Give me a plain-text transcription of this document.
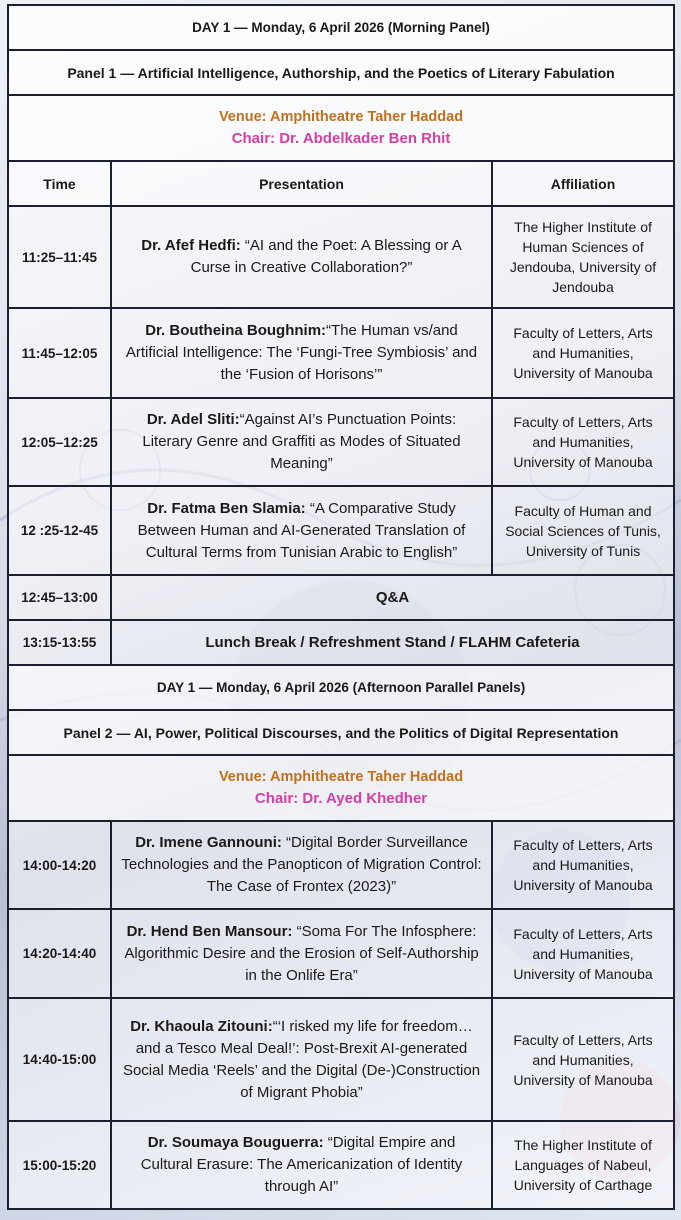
DAY 1 — Monday, 6 April 2026 (Morning Panel)		
Panel 1 — Artificial Intelligence, Authorship, and the Poetics of Literary Fabulation		

Venue: Amphitheatre Taher Haddad
Chair: Dr. Abdelkader Ben Rhit		

Time	Presentation	Affiliation
11:25–11:45	Dr. Afef Hedfi: “AI and the Poet: A Blessing or A Curse in Creative Collaboration?”	The Higher Institute of Human Sciences of Jendouba, University of Jendouba
11:45–12:05	Dr. Boutheina Boughnim:“The Human vs/and Artificial Intelligence: The ‘Fungi-Tree Symbiosis’ and the ‘Fusion of Horisons’”	Faculty of Letters, Arts and Humanities, University of Manouba
12:05–12:25	Dr. Adel Sliti:“Against AI’s Punctuation Points: Literary Genre and Graffiti as Modes of Situated Meaning”	Faculty of Letters, Arts and Humanities, University of Manouba
12 :25-12-45	Dr. Fatma Ben Slamia: “A Comparative Study Between Human and AI-Generated Translation of Cultural Terms from Tunisian Arabic to English”	Faculty of Human and Social Sciences of Tunis, University of Tunis
12:45–13:00	Q&A	
13:15-13:55	Lunch Break / Refreshment Stand / FLAHM Cafeteria	
DAY 1 — Monday, 6 April 2026 (Afternoon Parallel Panels)		
Panel 2 — AI, Power, Political Discourses, and the Politics of Digital Representation		

Venue: Amphitheatre Taher Haddad
Chair: Dr. Ayed Khedher		

14:00-14:20	Dr. Imene Gannouni: “Digital Border Surveillance Technologies and the Panopticon of Migration Control: The Case of Frontex (2023)”	Faculty of Letters, Arts and Humanities, University of Manouba
14:20-14:40	Dr. Hend Ben Mansour: “Soma For The Infosphere: Algorithmic Desire and the Erosion of Self-Authorship in the Onlife Era”	Faculty of Letters, Arts and Humanities, University of Manouba
14:40-15:00	Dr. Khaoula Zitouni:“‘I risked my life for freedom… and a Tesco Meal Deal!’: Post-Brexit AI-generated Social Media ‘Reels’ and the Digital (De-)Construction of Migrant Phobia”	Faculty of Letters, Arts and Humanities, University of Manouba
15:00-15:20	Dr. Soumaya Bouguerra: “Digital Empire and Cultural Erasure: The Americanization of Identity through AI”	The Higher Institute of Languages of Nabeul, University of Carthage
